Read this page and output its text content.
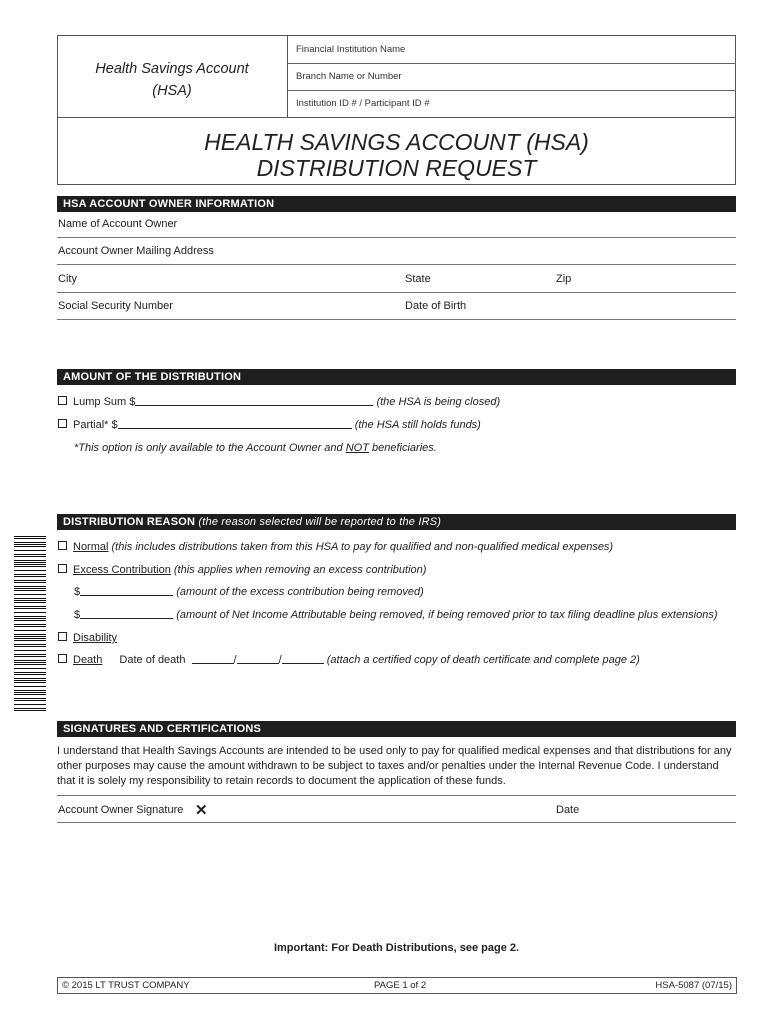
Health Savings Account
(HSA)
Financial Institution Name
Branch Name or Number
Institution ID # / Participant ID #
HEALTH SAVINGS ACCOUNT (HSA)
DISTRIBUTION REQUEST
HSA ACCOUNT OWNER INFORMATION
Name of Account Owner
Account Owner Mailing Address
City	State	Zip
Social Security Number	Date of Birth
AMOUNT OF THE DISTRIBUTION
Lump Sum $	(the HSA is being closed)
Partial* $	(the HSA still holds funds)
*This option is only available to the Account Owner and NOT beneficiaries.
DISTRIBUTION REASON (the reason selected will be reported to the IRS)
Normal (this includes distributions taken from this HSA to pay for qualified and non-qualified medical expenses)
Excess Contribution (this applies when removing an excess contribution)
$	(amount of the excess contribution being removed)
$	(amount of Net Income Attributable being removed, if being removed prior to tax filing deadline plus extensions)
Disability
Death Date of death	/	/	(attach a certified copy of death certificate and complete page 2)
SIGNATURES AND CERTIFICATIONS
I understand that Health Savings Accounts are intended to be used only to pay for qualified medical expenses and that distributions for any other purposes may cause the amount withdrawn to be subject to taxes and/or penalties under the Internal Revenue Code. I understand that it is solely my responsibility to retain records to document the application of these funds.
Account Owner Signature ✕	Date
Important: For Death Distributions, see page 2.
© 2015 LT TRUST COMPANY	PAGE 1 of 2	HSA-5087 (07/15)
